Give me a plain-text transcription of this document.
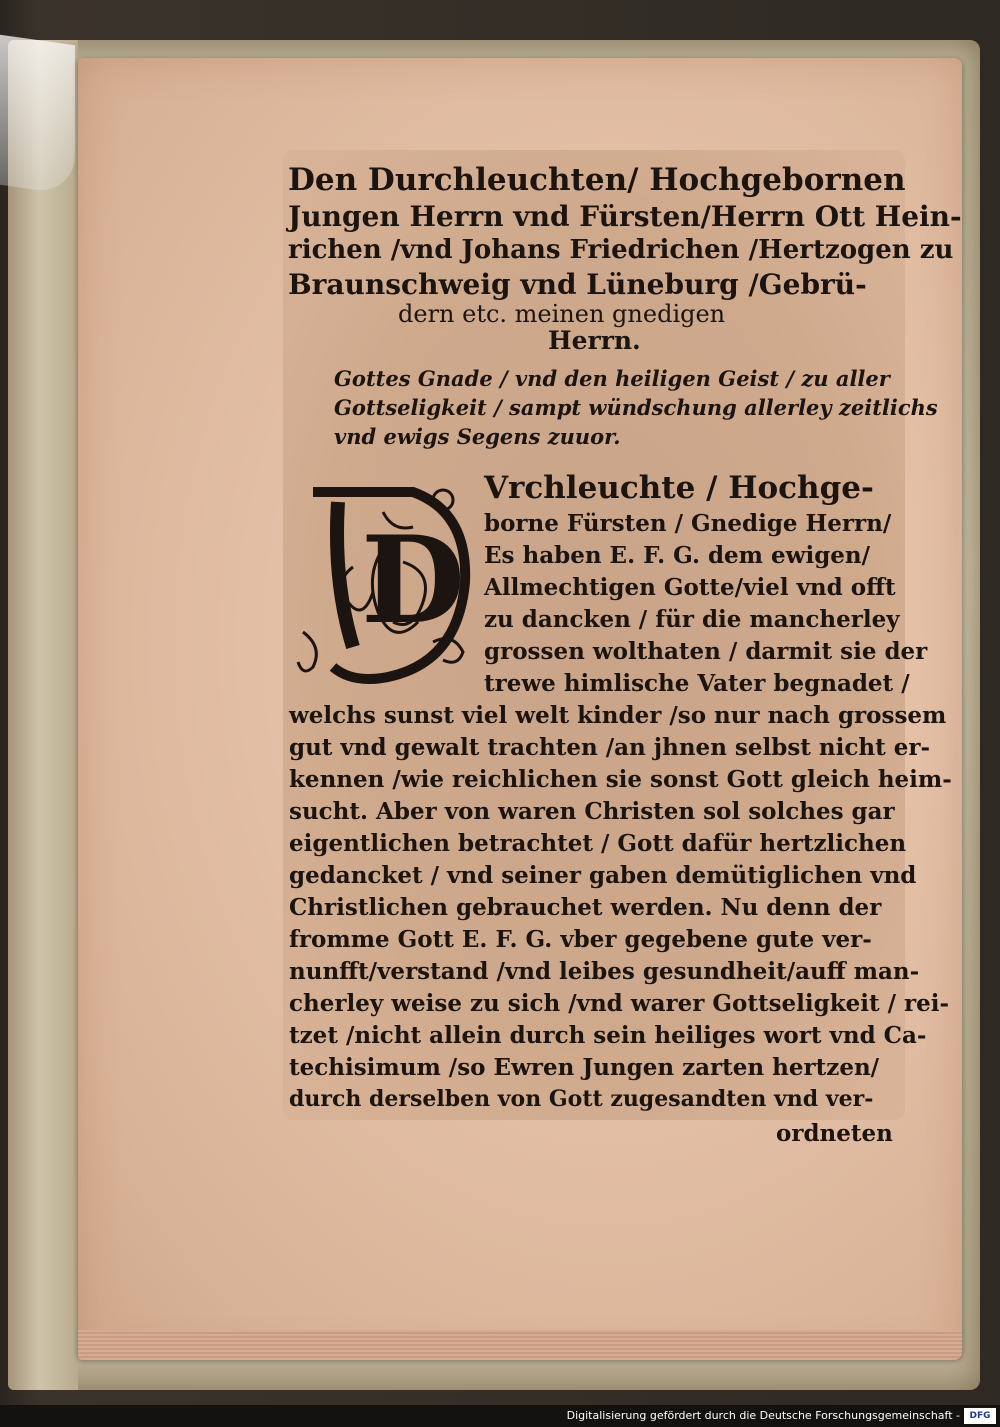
Den Durchleuchten/ Hochgebornen
Jungen Herrn vnd Fürsten/Herrn Ott Hein-
richen /vnd Johans Friedrichen /Hertzogen zu
Braunschweig vnd Lüneburg /Gebrü-
dern etc. meinen gnedigen
Herrn.
Gottes Gnade / vnd den heiligen Geist / zu aller
Gottseligkeit / sampt wündschung allerley zeitlichs
vnd ewigs Segens zuuor.
D
Vrchleuchte / Hochge-
borne Fürsten / Gnedige Herrn/
Es haben E. F. G. dem ewigen/
Allmechtigen Gotte/viel vnd offt
zu dancken / für die mancherley
grossen wolthaten / darmit sie der
trewe himlische Vater begnadet /
welchs sunst viel welt kinder /so nur nach grossem
gut vnd gewalt trachten /an jhnen selbst nicht er-
kennen /wie reichlichen sie sonst Gott gleich heim-
sucht. Aber von waren Christen sol solches gar
eigentlichen betrachtet / Gott dafür hertzlichen
gedancket / vnd seiner gaben demütiglichen vnd
Christlichen gebrauchet werden. Nu denn der
fromme Gott E. F. G. vber gegebene gute ver-
nunfft/verstand /vnd leibes gesundheit/auff man-
cherley weise zu sich /vnd warer Gottseligkeit / rei-
tzet /nicht allein durch sein heiliges wort vnd Ca-
techisimum /so Ewren Jungen zarten hertzen/
durch derselben von Gott zugesandten vnd ver-
ordneten
Digitalisierung gefördert durch die Deutsche Forschungsgemeinschaft -	DFG
